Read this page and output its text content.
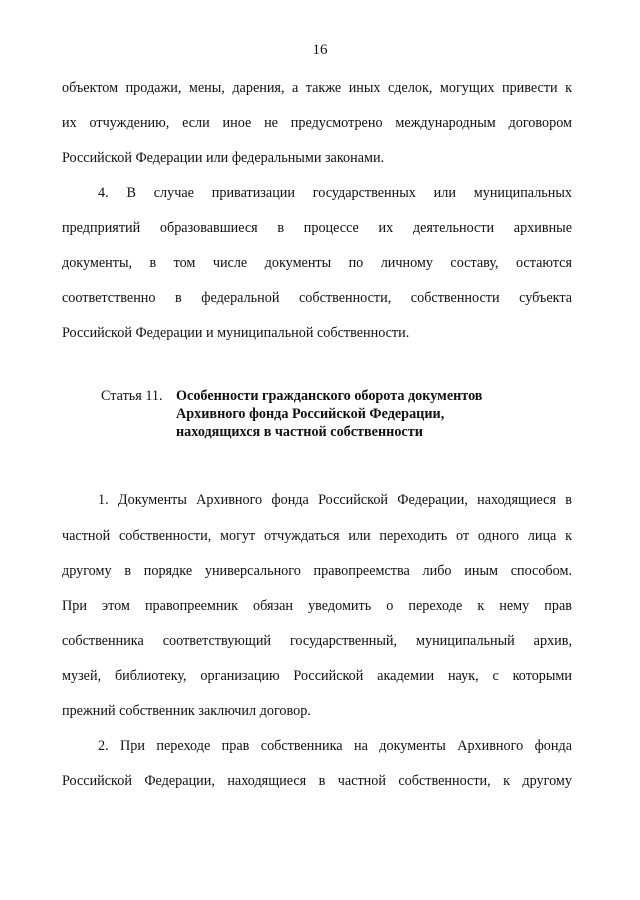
16
объектом продажи, мены, дарения, а также иных сделок, могущих привести к
их отчуждению, если иное не предусмотрено международным договором
Российской Федерации или федеральными законами.
4. В случае приватизации государственных или муниципальных
предприятий образовавшиеся в процессе их деятельности архивные
документы, в том числе документы по личному составу, остаются
соответственно в федеральной собственности, собственности субъекта
Российской Федерации и муниципальной собственности.
Статья 11. Особенности гражданского оборота документов
Архивного фонда Российской Федерации,
находящихся в частной собственности
1. Документы Архивного фонда Российской Федерации, находящиеся в
частной собственности, могут отчуждаться или переходить от одного лица к
другому в порядке универсального правопреемства либо иным способом.
При этом правопреемник обязан уведомить о переходе к нему прав
собственника соответствующий государственный, муниципальный архив,
музей, библиотеку, организацию Российской академии наук, с которыми
прежний собственник заключил договор.
2. При переходе прав собственника на документы Архивного фонда
Российской Федерации, находящиеся в частной собственности, к другому
